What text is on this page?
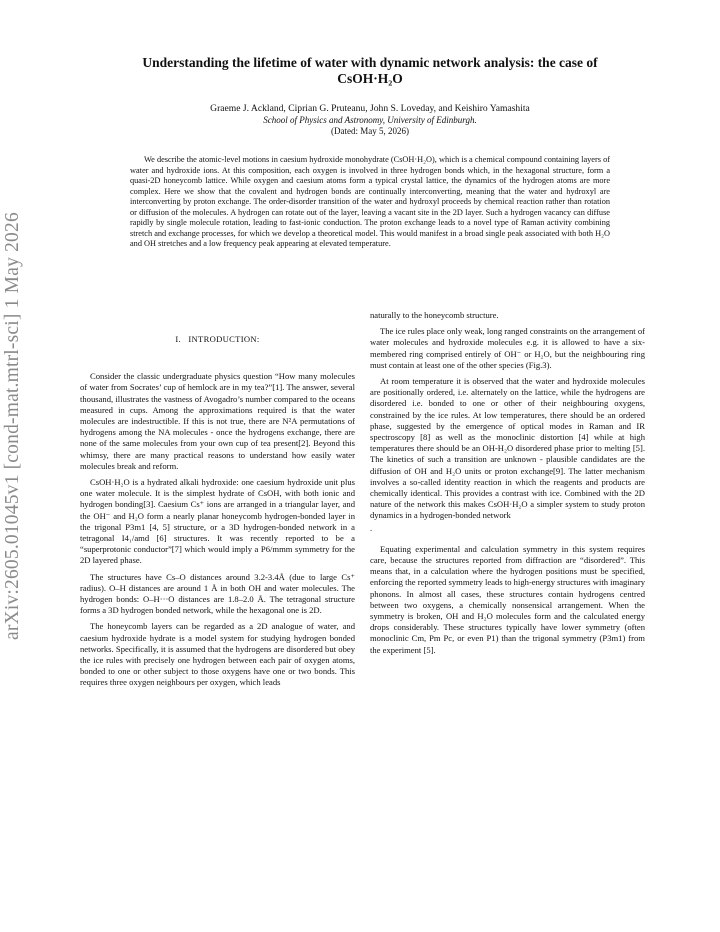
arXiv:2605.01045v1 [cond-mat.mtrl-sci] 1 May 2026
Understanding the lifetime of water with dynamic network analysis: the case of
CsOH·H₂O
Graeme J. Ackland, Ciprian G. Pruteanu, John S. Loveday, and Keishiro Yamashita
School of Physics and Astronomy, University of Edinburgh.
(Dated: May 5, 2026)
We describe the atomic-level motions in caesium hydroxide monohydrate (CsOH·H₂O), which is a chemical compound containing layers of water and hydroxide ions. At this composition, each oxygen is involved in three hydrogen bonds which, in the hexagonal structure, form a quasi-2D honeycomb lattice. While oxygen and caesium atoms form a typical crystal lattice, the dynamics of the hydrogen atoms are more complex. Here we show that the covalent and hydrogen bonds are continually interconverting, meaning that the water and hydroxyl are interconverting by proton exchange. The order-disorder transition of the water and hydroxyl proceeds by chemical reaction rather than rotation or diffusion of the molecules. A hydrogen can rotate out of the layer, leaving a vacant site in the 2D layer. Such a hydrogen vacancy can diffuse rapidly by single molecule rotation, leading to fast-ionic conduction. The proton exchange leads to a novel type of Raman activity combining stretch and exchange processes, for which we develop a theoretical model. This would manifest in a broad single peak associated with both H₂O and OH stretches and a low frequency peak appearing at elevated temperature.
I. INTRODUCTION:

Consider the classic undergraduate physics question “How many molecules of water from Socrates’ cup of hemlock are in my tea?”[1]. The answer, several thousand, illustrates the vastness of Avogadro’s number compared to the oceans measured in cups. Among the approximations required is that the water molecules are indestructible. If this is not true, there are N²A permutations of hydrogens among the NA molecules - once the hydrogens exchange, there are none of the same molecules from your own cup of tea present[2]. Beyond this whimsy, there are many practical reasons to understand how easily water molecules break and reform.

CsOH·H₂O is a hydrated alkali hydroxide: one caesium hydroxide unit plus one water molecule. It is the simplest hydrate of CsOH, with both ionic and hydrogen bonding[3]. Caesium Cs⁺ ions are arranged in a triangular layer, and the OH⁻ and H₂O form a nearly planar honeycomb hydrogen-bonded layer in the trigonal P3m1 [4, 5] structure, or a 3D hydrogen-bonded network in a tetragonal I4₁/amd [6] structures. It was recently reported to be a “superprotonic conductor”[7] which would imply a P6/mmm symmetry for the 2D layered phase.

The structures have Cs–O distances around 3.2-3.4Å (due to large Cs⁺ radius). O–H distances are around 1 Å in both OH and water molecules. The hydrogen bonds: O–H···O distances are 1.8–2.0 Å. The tetragonal structure forms a 3D hydrogen bonded network, while the hexagonal one is 2D.

The honeycomb layers can be regarded as a 2D analogue of water, and caesium hydroxide hydrate is a model system for studying hydrogen bonded networks. Specifically, it is assumed that the hydrogens are disordered but obey the ice rules with precisely one hydrogen between each pair of oxygen atoms, bonded to one or other subject to those oxygens have one or two bonds. This requires three oxygen neighbours per oxygen, which leads

naturally to the honeycomb structure.

The ice rules place only weak, long ranged constraints on the arrangement of water molecules and hydroxide molecules e.g. it is allowed to have a six-membered ring comprised entirely of OH⁻ or H₂O, but the neighbouring ring must contain at least one of the other species (Fig.3).

At room temperature it is observed that the water and hydroxide molecules are positionally ordered, i.e. alternately on the lattice, while the hydrogens are disordered i.e. bonded to one or other of their neighbouring oxygens, constrained by the ice rules. At low temperatures, there should be an ordered phase, suggested by the emergence of optical modes in Raman and IR spectroscopy [8] as well as the monoclinic distortion [4] while at high temperatures there should be an OH-H₂O disordered phase prior to melting [5]. The kinetics of such a transition are unknown - plausible candidates are the diffusion of OH and H₂O units or proton exchange[9]. The latter mechanism involves a so-called identity reaction in which the reagents and products are chemically identical. This provides a contrast with ice. Combined with the 2D nature of the network this makes CsOH·H₂O a simpler system to study proton dynamics in a hydrogen-bonded network

.

Equating experimental and calculation symmetry in this system requires care, because the structures reported from diffraction are “disordered”. This means that, in a calculation where the hydrogen positions must be specified, enforcing the reported symmetry leads to high-energy structures with imaginary phonons. In almost all cases, these structures contain hydrogens centred between two oxygens, a chemically nonsensical arrangement. When the symmetry is broken, OH and H₂O molecules form and the calculated energy drops considerably. These structures typically have lower symmetry (often monoclinic Cm, Pm Pc, or even P1) than the trigonal symmetry (P3m1) from the experiment [5].
